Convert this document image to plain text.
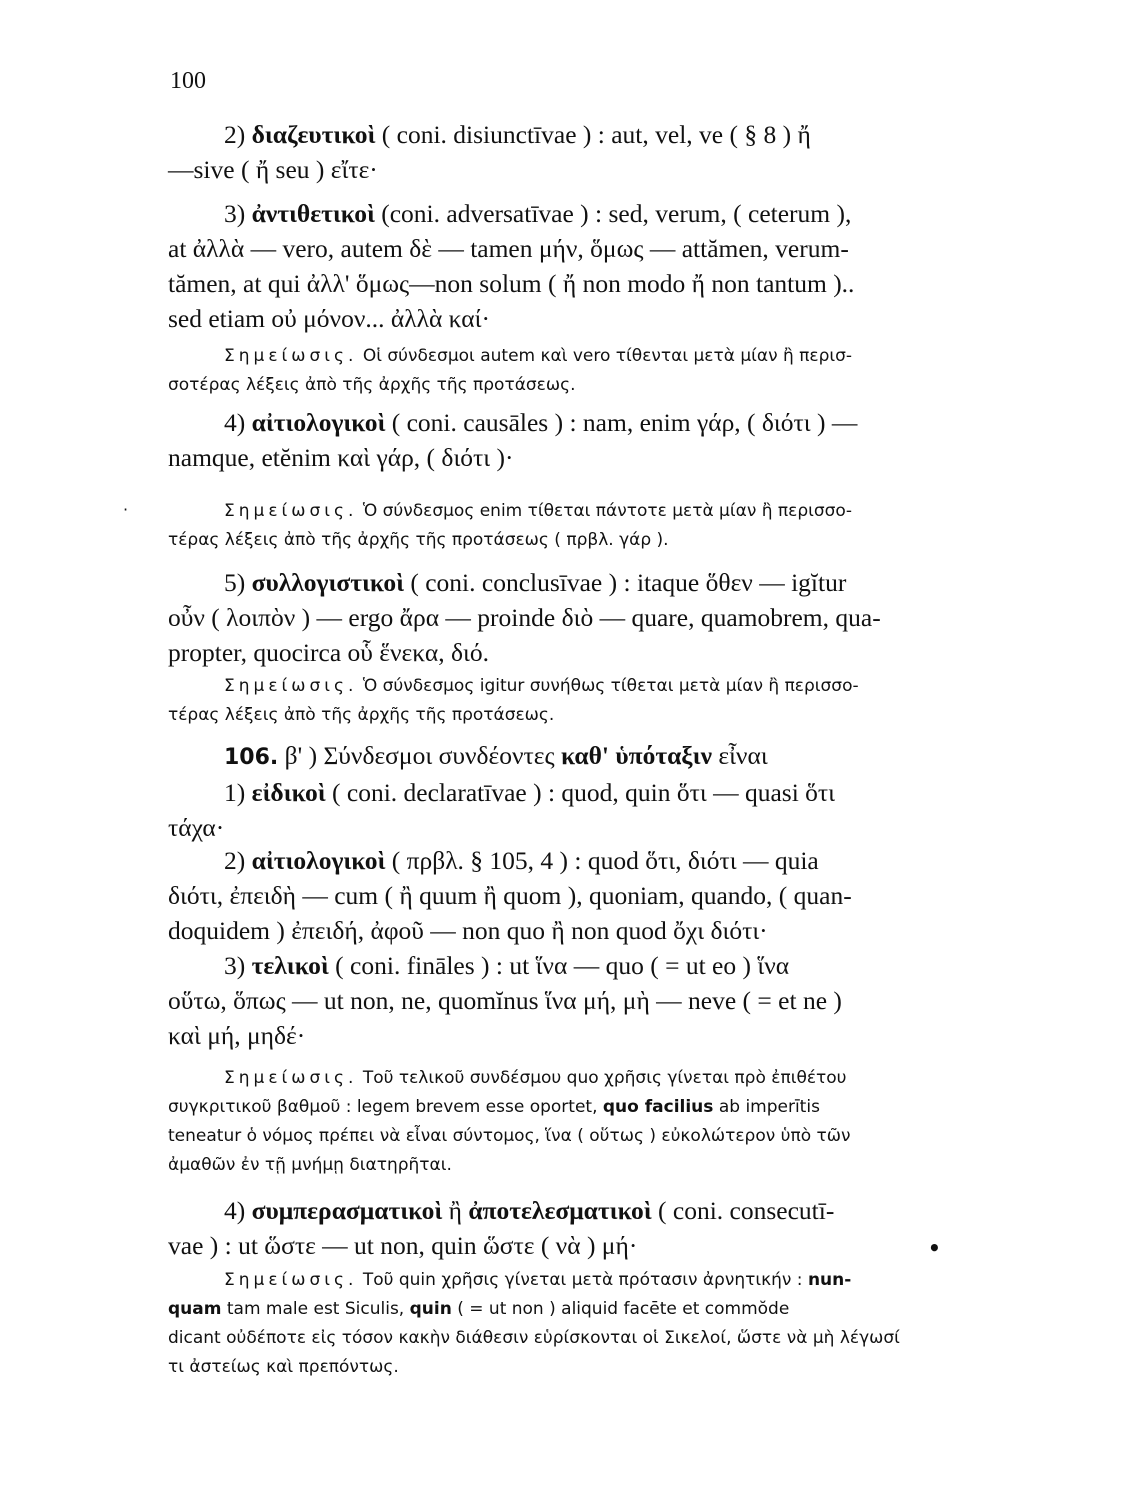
100
·
•
2) διαζευτικοὶ ( coni. disiunctīvae ) : aut, vel, ve ( § 8 ) ἤ
—sive ( ἤ seu ) εἴτε·
3) ἀντιθετικοὶ (coni. adversatīvae ) : sed, verum, ( ceterum ),
at ἀλλὰ — vero, autem δὲ — tamen μήν, ὅμως — attămen, verum-
tămen, at qui ἀλλ' ὅμως—non solum ( ἤ non modo ἤ non tantum )..
sed etiam οὐ μόνον... ἀλλὰ καί·
Σημείωσις. Οἱ σύνδεσμοι autem καὶ vero τίθενται μετὰ μίαν ἢ περισ-
σοτέρας λέξεις ἀπὸ τῆς ἀρχῆς τῆς προτάσεως.
4) αἰτιολογικοὶ ( coni. causāles ) : nam, enim γάρ, ( διότι ) —
namque, etĕnim καὶ γάρ, ( διότι )·
Σημείωσις. Ὁ σύνδεσμος enim τίθεται πάντοτε μετὰ μίαν ἢ περισσο-
τέρας λέξεις ἀπὸ τῆς ἀρχῆς τῆς προτάσεως ( πρβλ. γάρ ).
5) συλλογιστικοὶ ( coni. conclusīvae ) : itaque ὅθεν — igĭtur
οὖν ( λοιπὸν ) — ergo ἄρα — proinde διὸ — quare, quamobrem, qua-
propter, quocirca οὗ ἕνεκα, διό.
Σημείωσις. Ὁ σύνδεσμος igitur συνήθως τίθεται μετὰ μίαν ἢ περισσο-
τέρας λέξεις ἀπὸ τῆς ἀρχῆς τῆς προτάσεως.
106. β' ) Σύνδεσμοι συνδέοντες καθ' ὑπόταξιν εἶναι
1) εἰδικοὶ ( coni. declaratīvae ) : quod, quin ὅτι — quasi ὅτι
τάχα·
2) αἰτιολογικοὶ ( πρβλ. § 105, 4 ) : quod ὅτι, διότι — quia
διότι, ἐπειδὴ — cum ( ἢ quum ἢ quom ), quoniam, quando, ( quan-
doquidem ) ἐπειδή, ἀφοῦ — non quo ἢ non quod ὄχι διότι·
3) τελικοὶ ( coni. fināles ) : ut ἵνα — quo ( = ut eo ) ἵνα
οὕτω, ὅπως — ut non, ne, quomĭnus ἵνα μή, μὴ — neve ( = et ne )
καὶ μή, μηδέ·
Σημείωσις. Τοῦ τελικοῦ συνδέσμου quo χρῆσις γίνεται πρὸ ἐπιθέτου
συγκριτικοῦ βαθμοῦ : legem brevem esse oportet, quo facilius ab imperītis
teneatur ὁ νόμος πρέπει νὰ εἶναι σύντομος, ἵνα ( οὕτως ) εὐκολώτερον ὑπὸ τῶν
ἀμαθῶν ἐν τῇ μνήμῃ διατηρῆται.
4) συμπερασματικοὶ ἢ ἀποτελεσματικοὶ ( coni. consecutī-
vae ) : ut ὥστε — ut non, quin ὥστε ( νὰ ) μή·
Σημείωσις. Τοῦ quin χρῆσις γίνεται μετὰ πρότασιν ἀρνητικήν : nun-
quam tam male est Siculis, quin ( = ut non ) aliquid facēte et commŏde
dicant οὐδέποτε εἰς τόσον κακὴν διάθεσιν εὑρίσκονται οἱ Σικελοί, ὥστε νὰ μὴ λέγωσί
τι ἀστείως καὶ πρεπόντως.
